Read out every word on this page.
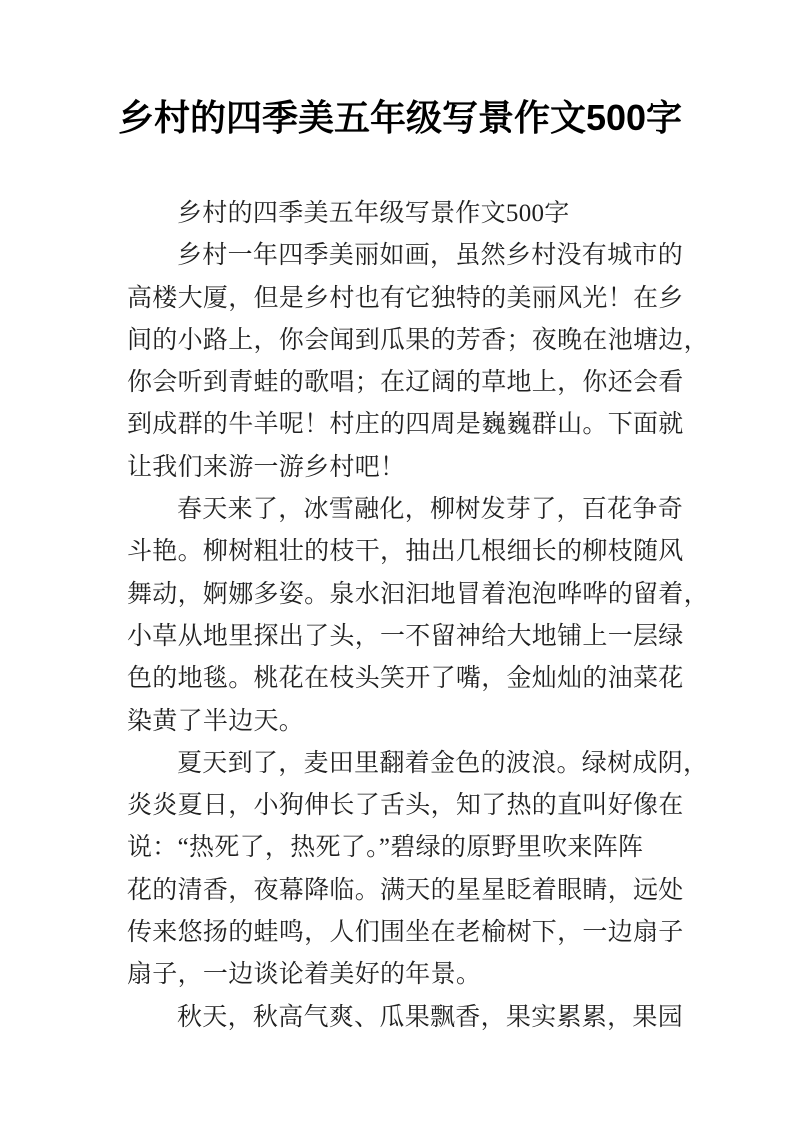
乡村的四季美五年级写景作文500字
乡村的四季美五年级写景作文500字
乡村一年四季美丽如画，虽然乡村没有城市的
高楼大厦，但是乡村也有它独特的美丽风光！在乡
间的小路上，你会闻到瓜果的芳香；夜晚在池塘边，
你会听到青蛙的歌唱；在辽阔的草地上，你还会看
到成群的牛羊呢！村庄的四周是巍巍群山。下面就
让我们来游一游乡村吧！
春天来了，冰雪融化，柳树发芽了，百花争奇
斗艳。柳树粗壮的枝干，抽出几根细长的柳枝随风
舞动，婀娜多姿。泉水汩汩地冒着泡泡哗哗的留着，
小草从地里探出了头，一不留神给大地铺上一层绿
色的地毯。桃花在枝头笑开了嘴，金灿灿的油菜花
染黄了半边天。
夏天到了，麦田里翻着金色的波浪。绿树成阴，
炎炎夏日，小狗伸长了舌头，知了热的直叫好像在
说：“热死了，热死了。”碧绿的原野里吹来阵阵
花的清香，夜幕降临。满天的星星眨着眼睛，远处
传来悠扬的蛙鸣，人们围坐在老榆树下，一边扇子
扇子，一边谈论着美好的年景。
秋天，秋高气爽、瓜果飘香，果实累累，果园
